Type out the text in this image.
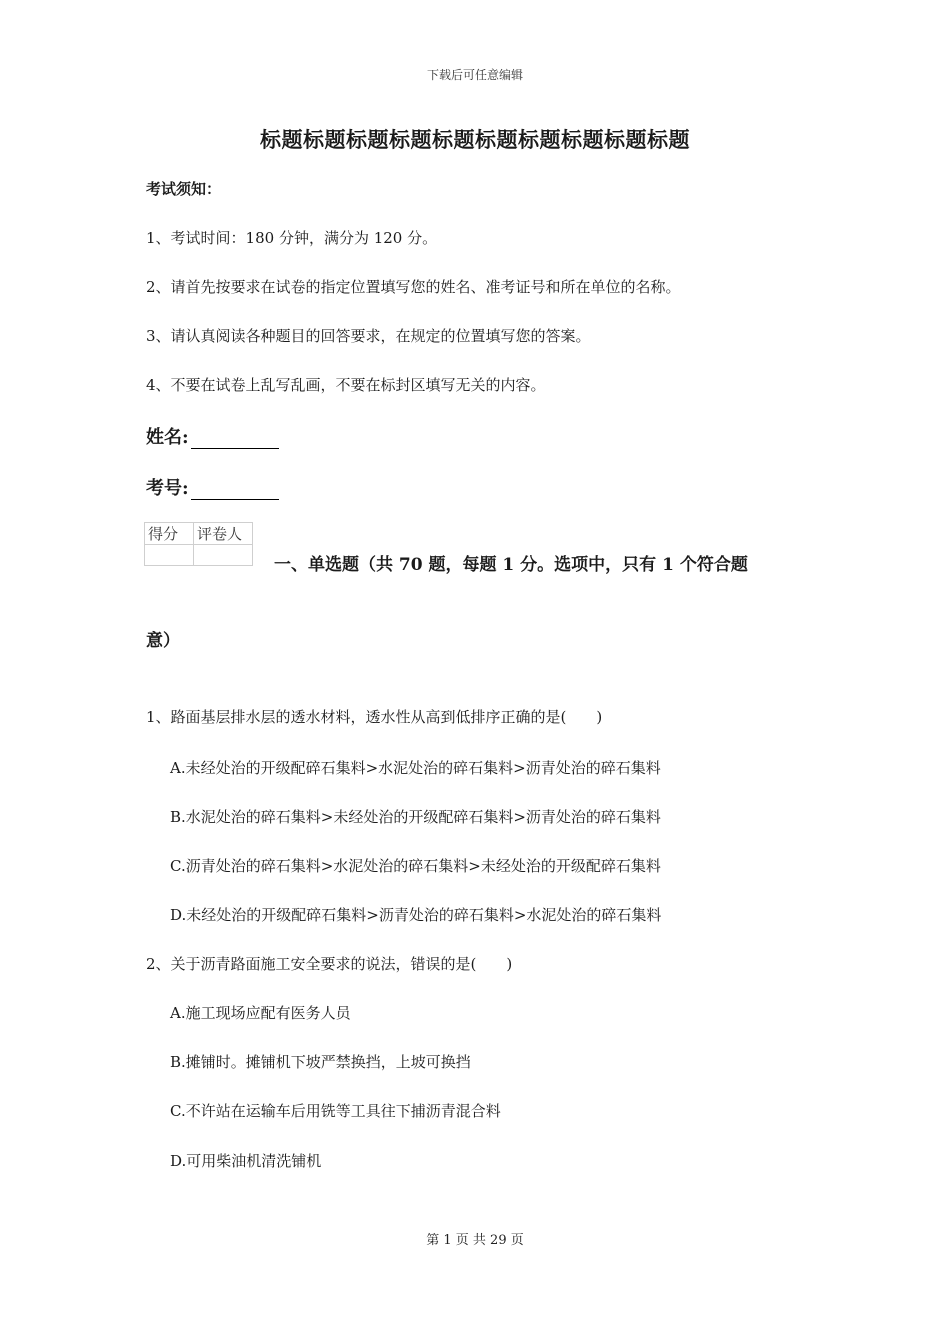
下载后可任意编辑
标题标题标题标题标题标题标题标题标题标题
考试须知：
1、考试时间：180 分钟，满分为 120 分。
2、请首先按要求在试卷的指定位置填写您的姓名、准考证号和所在单位的名称。
3、请认真阅读各种题目的回答要求，在规定的位置填写您的答案。
4、不要在试卷上乱写乱画，不要在标封区填写无关的内容。
姓名:
考号:
得分	评卷人

一、单选题（共 70 题，每题 1 分。选项中，只有 1 个符合题
意）
1、路面基层排水层的透水材料，透水性从高到低排序正确的是(　　)
A.未经处治的开级配碎石集料>水泥处治的碎石集料>沥青处治的碎石集料
B.水泥处治的碎石集料>未经处治的开级配碎石集料>沥青处治的碎石集料
C.沥青处治的碎石集料>水泥处治的碎石集料>未经处治的开级配碎石集料
D.未经处治的开级配碎石集料>沥青处治的碎石集料>水泥处治的碎石集料
2、关于沥青路面施工安全要求的说法，错误的是(　　)
A.施工现场应配有医务人员
B.摊铺时。摊铺机下坡严禁换挡，上坡可换挡
C.不许站在运输车后用铣等工具往下捕沥青混合料
D.可用柴油机清洗铺机
第 1 页 共 29 页
